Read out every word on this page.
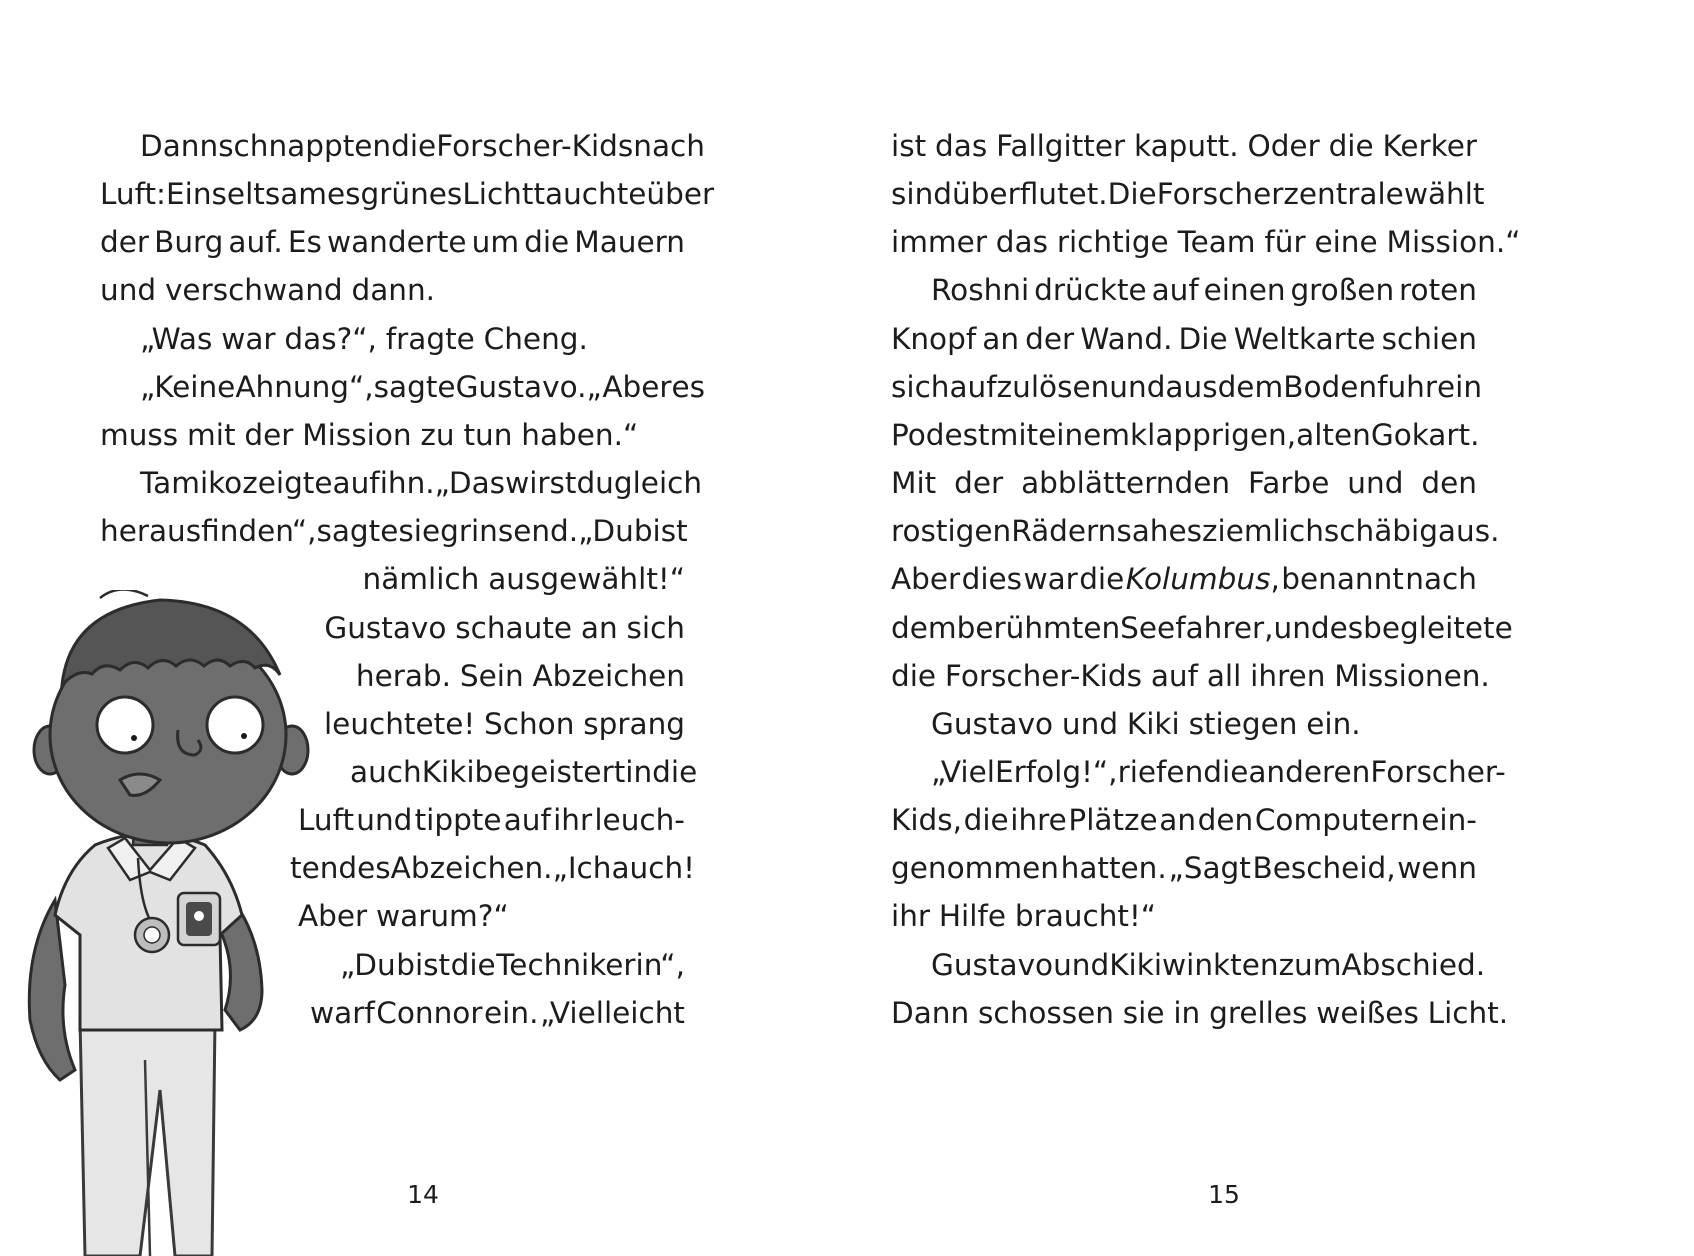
Dann schnappten die Forscher-Kids nach
Luft: Ein seltsames grünes Licht tauchte über
der Burg auf. Es wanderte um die Mauern
und verschwand dann.
„Was war das?“, fragte Cheng.
„Keine Ahnung“, sagte Gustavo. „Aber es
muss mit der Mission zu tun haben.“
Tamiko zeigte auf ihn. „Das wirst du gleich
herausfinden“, sagte sie grinsend. „Du bist
nämlich ausgewählt!“
Gustavo schaute an sich
herab. Sein Abzeichen
leuchtete! Schon sprang
auch Kiki begeistert in die
Luft und tippte auf ihr leuch-
tendes Abzeichen. „Ich auch!
Aber warum?“
„Du bist die Technikerin“,
warf Connor ein. „Vielleicht
14
ist das Fallgitter kaputt. Oder die Kerker
sind überflutet. Die Forscherzentrale wählt
immer das richtige Team für eine Mission.“
Roshni drückte auf einen großen roten
Knopf an der Wand. Die Weltkarte schien
sich aufzulösen und aus dem Boden fuhr ein
Podest mit einem klapprigen, alten Gokart.
Mit der abblätternden Farbe und den
rostigen Rädern sah es ziemlich schäbig aus.
Aber dies war die Kolumbus, benannt nach
dem berühmten Seefahrer, und es begleitete
die Forscher-Kids auf all ihren Missionen.
Gustavo und Kiki stiegen ein.
„Viel Erfolg!“, riefen die anderen Forscher-
Kids, die ihre Plätze an den Computern ein-
genommen hatten. „Sagt Bescheid, wenn
ihr Hilfe braucht!“
Gustavo und Kiki winkten zum Abschied.
Dann schossen sie in grelles weißes Licht.
15
